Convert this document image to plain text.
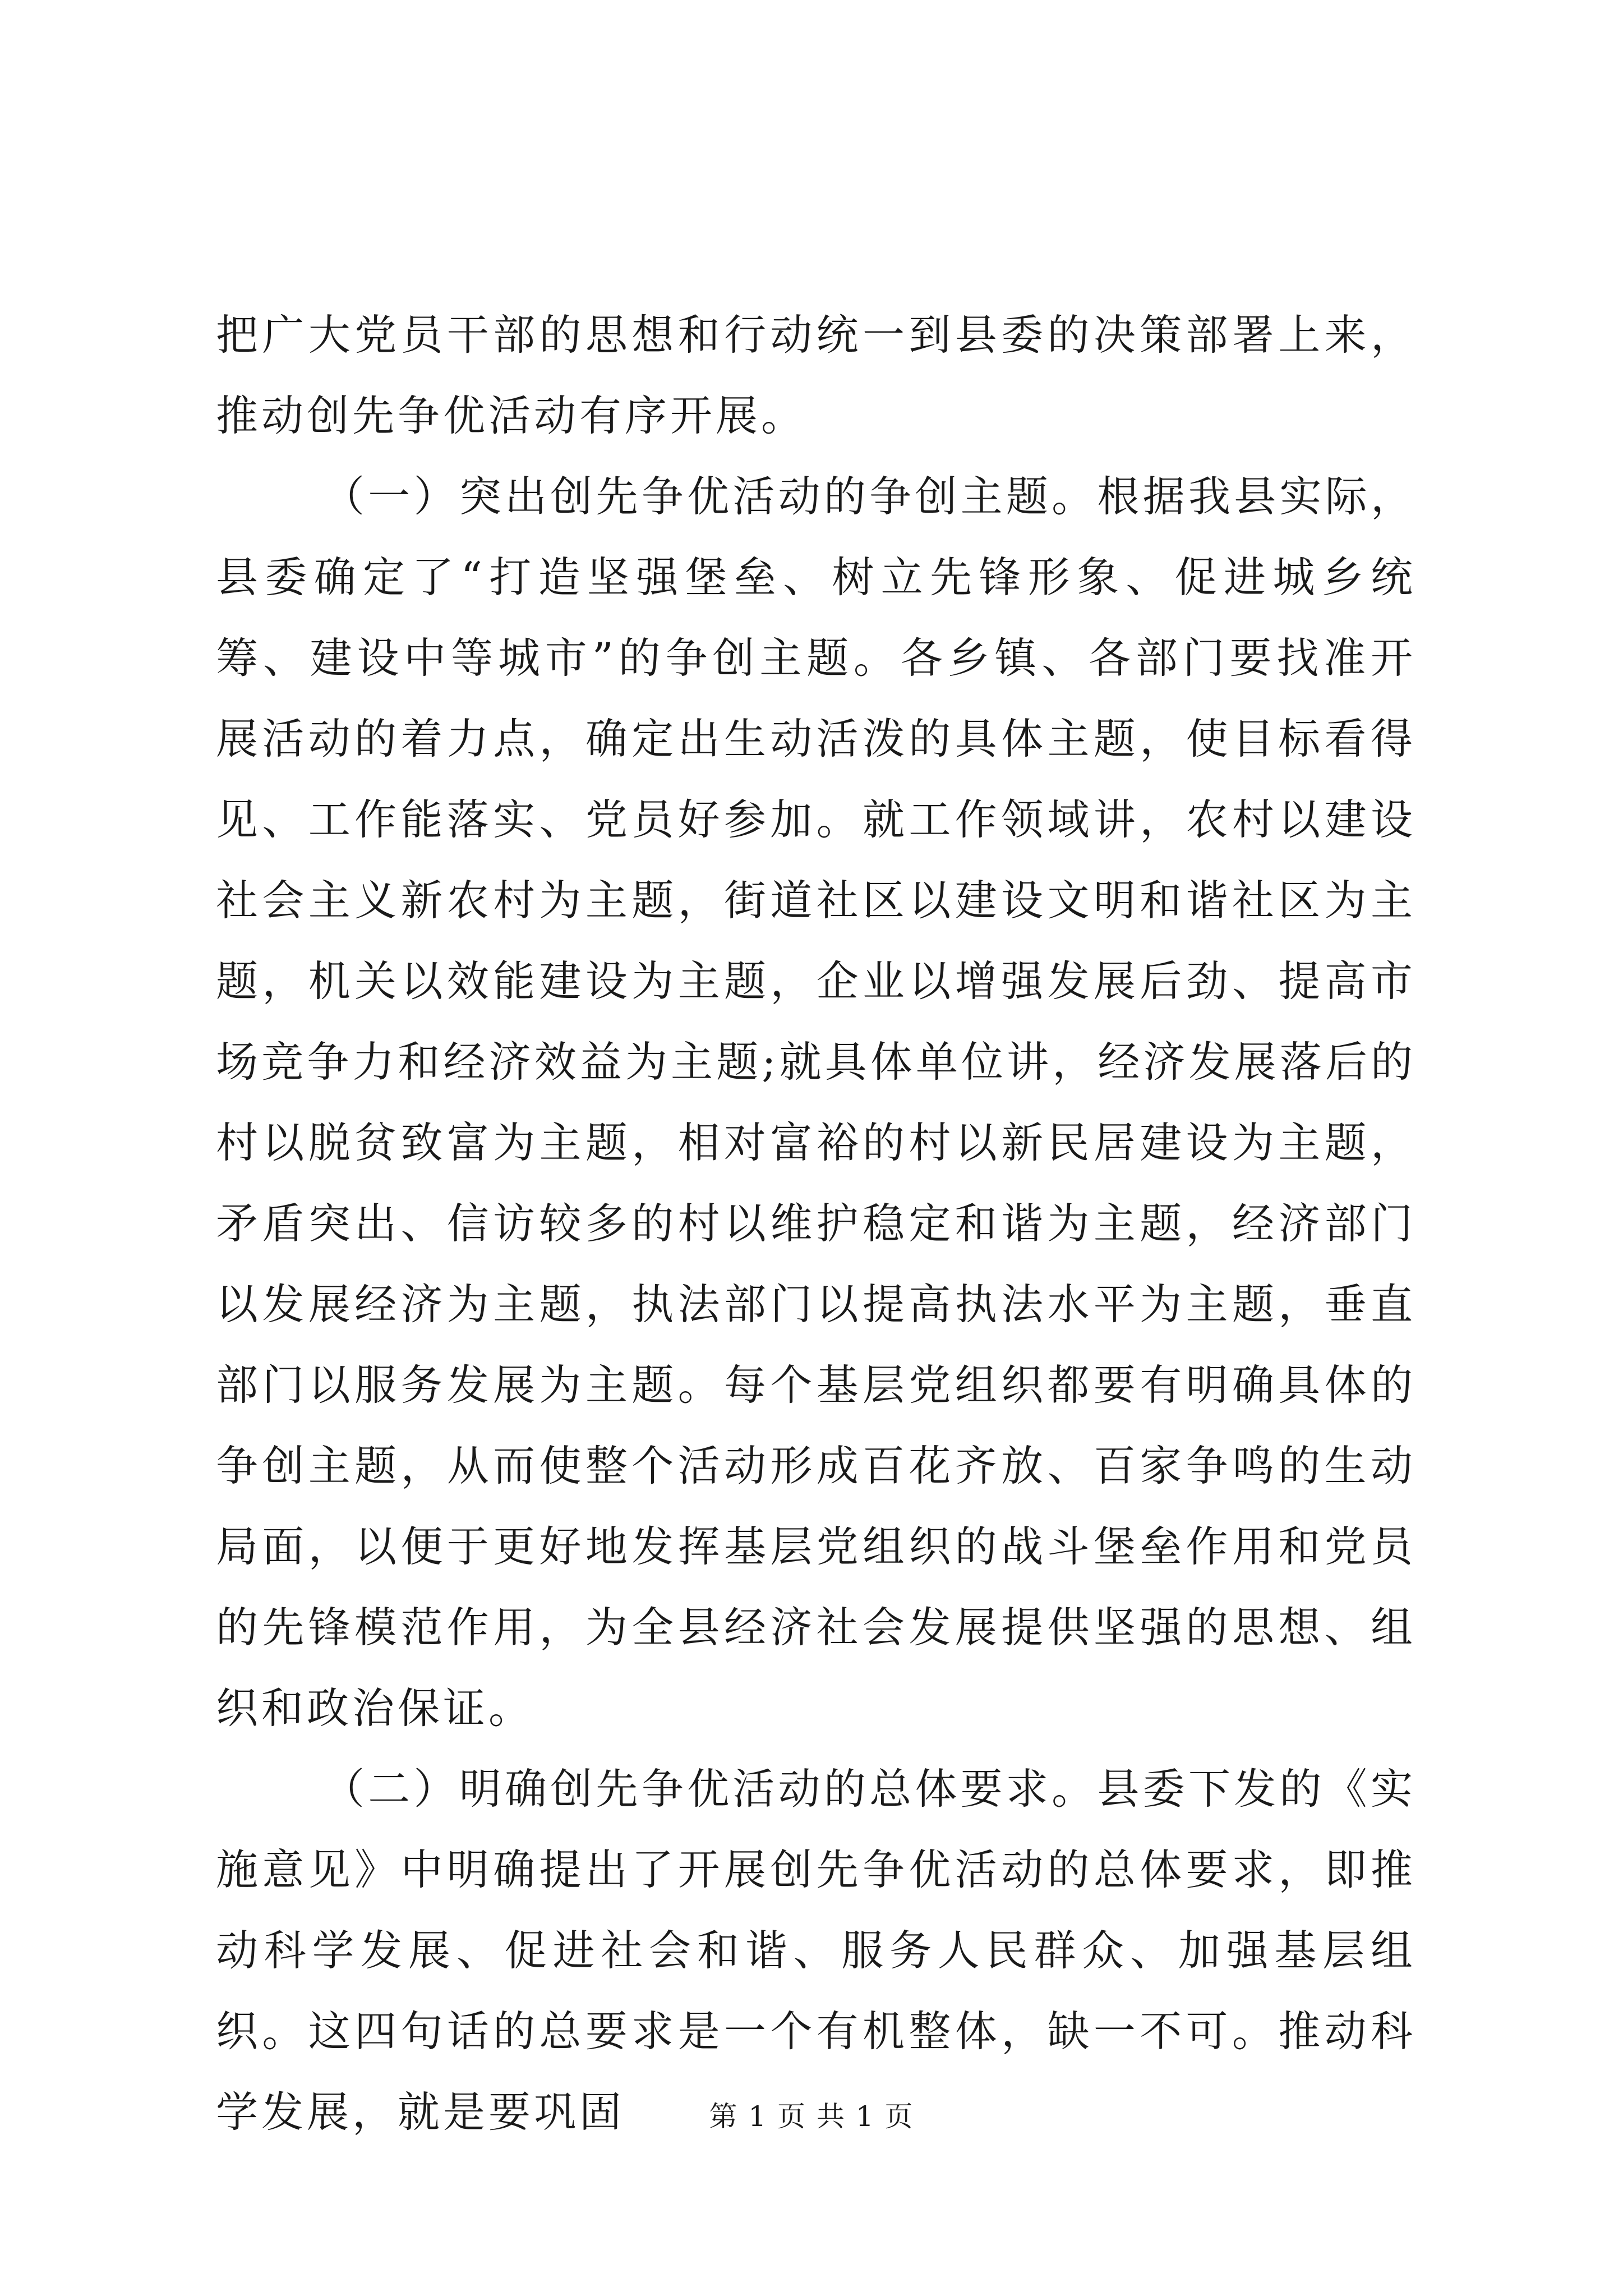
把广大党员干部的思想和行动统一到县委的决策部署上来，推动创先争优活动有序开展。

（一）突出创先争优活动的争创主题。根据我县实际，县委确定了“打造坚强堡垒、树立先锋形象、促进城乡统筹、建设中等城市”的争创主题。各乡镇、各部门要找准开展活动的着力点，确定出生动活泼的具体主题，使目标看得见、工作能落实、党员好参加。就工作领域讲，农村以建设社会主义新农村为主题，街道社区以建设文明和谐社区为主题，机关以效能建设为主题，企业以增强发展后劲、提高市场竞争力和经济效益为主题;就具体单位讲，经济发展落后的村以脱贫致富为主题，相对富裕的村以新民居建设为主题，矛盾突出、信访较多的村以维护稳定和谐为主题，经济部门以发展经济为主题，执法部门以提高执法水平为主题，垂直部门以服务发展为主题。每个基层党组织都要有明确具体的争创主题，从而使整个活动形成百花齐放、百家争鸣的生动局面，以便于更好地发挥基层党组织的战斗堡垒作用和党员的先锋模范作用，为全县经济社会发展提供坚强的思想、组织和政治保证。

（二）明确创先争优活动的总体要求。县委下发的《实施意见》中明确提出了开展创先争优活动的总体要求，即推动科学发展、促进社会和谐、服务人民群众、加强基层组织。这四句话的总要求是一个有机整体，缺一不可。推动科学发展，就是要巩固	第 1 页 共 1 页
